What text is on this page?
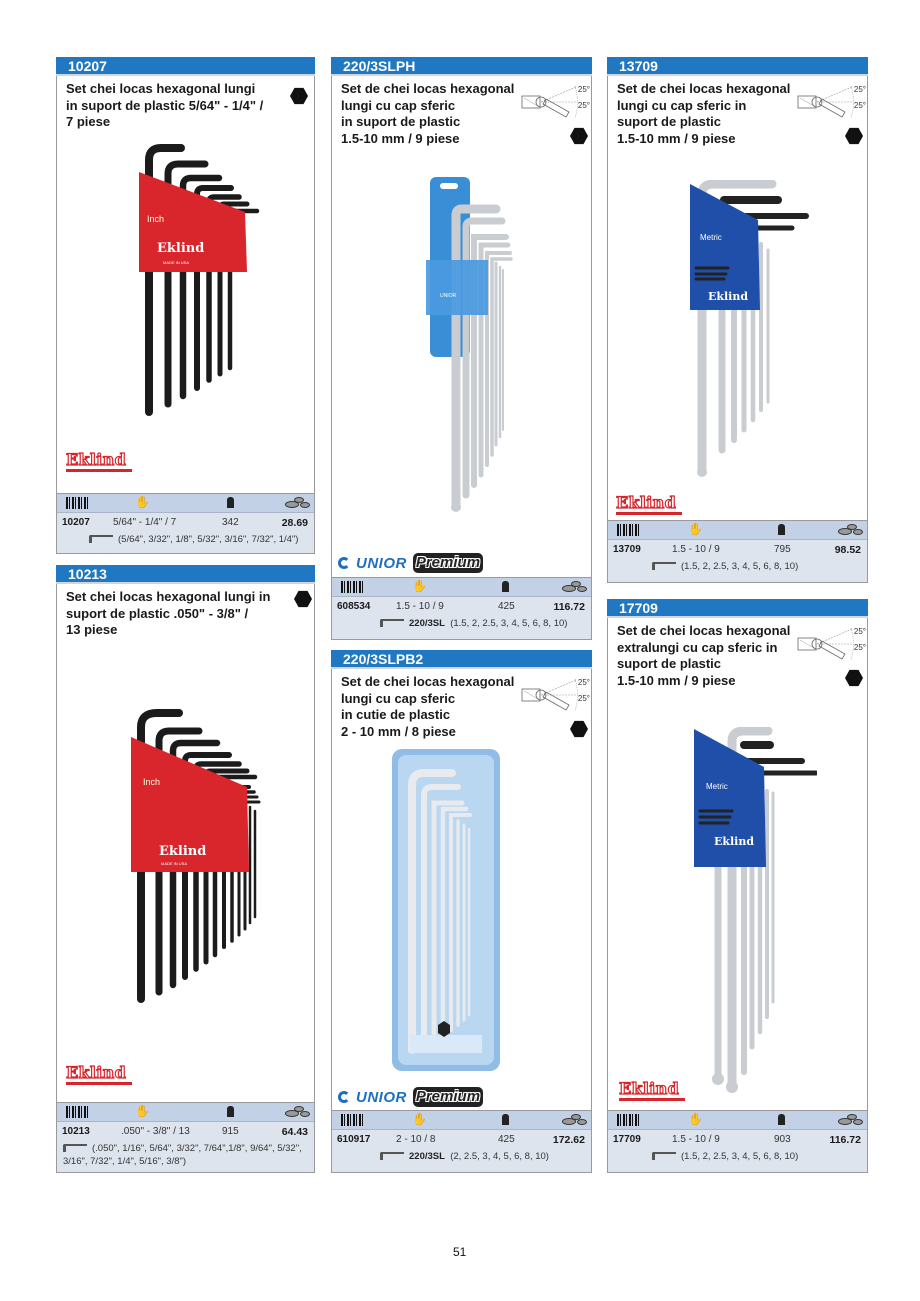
10207
Set chei locas hexagonal lungi
in suport de plastic 5/64" - 1/4" /
7 piese
Inch
Eklind
MADE IN USA
Eklind
✋
10207 5/64" - 1/4" / 7	342	28.69
(5/64", 3/32", 1/8", 5/32", 3/16", 7/32", 1/4")
10213
Set chei locas hexagonal lungi in
suport de plastic .050" - 3/8" /
13 piese
Inch
Eklind
MADE IN USA
Eklind
✋
10213	.050" - 3/8" / 13	915	64.43
(.050", 1/16", 5/64", 3/32", 7/64",1/8", 9/64", 5/32",
3/16", 7/32", 1/4", 5/16", 3/8")
220/3SLPH
Set de chei locas hexagonal
lungi cu cap sferic
in suport de plastic
1.5-10 mm / 9 piese
25°
25°
UNIOR
UNIOR Premium
✋
608534	1.5 - 10 / 9	425	116.72
220/3SL (1.5, 2, 2.5, 3, 4, 5, 6, 8, 10)
220/3SLPB2
Set de chei locas hexagonal
lungi cu cap sferic
in cutie de plastic
2 - 10 mm / 8 piese
25°
25°
UNIOR Premium
✋
610917	2 - 10 / 8	425	172.62
220/3SL (2, 2.5, 3, 4, 5, 6, 8, 10)
13709
Set de chei locas hexagonal
lungi cu cap sferic in
suport de plastic
1.5-10 mm / 9 piese
25°
25°
Metric
Eklind
Eklind
✋
13709	1.5 - 10 / 9	795	98.52
(1.5, 2, 2.5, 3, 4, 5, 6, 8, 10)
17709
Set de chei locas hexagonal
extralungi cu cap sferic in
suport de plastic
1.5-10 mm / 9 piese
25°
25°
Metric
Eklind
Eklind
✋
17709	1.5 - 10 / 9	903	116.72
(1.5, 2, 2.5, 3, 4, 5, 6, 8, 10)
51
